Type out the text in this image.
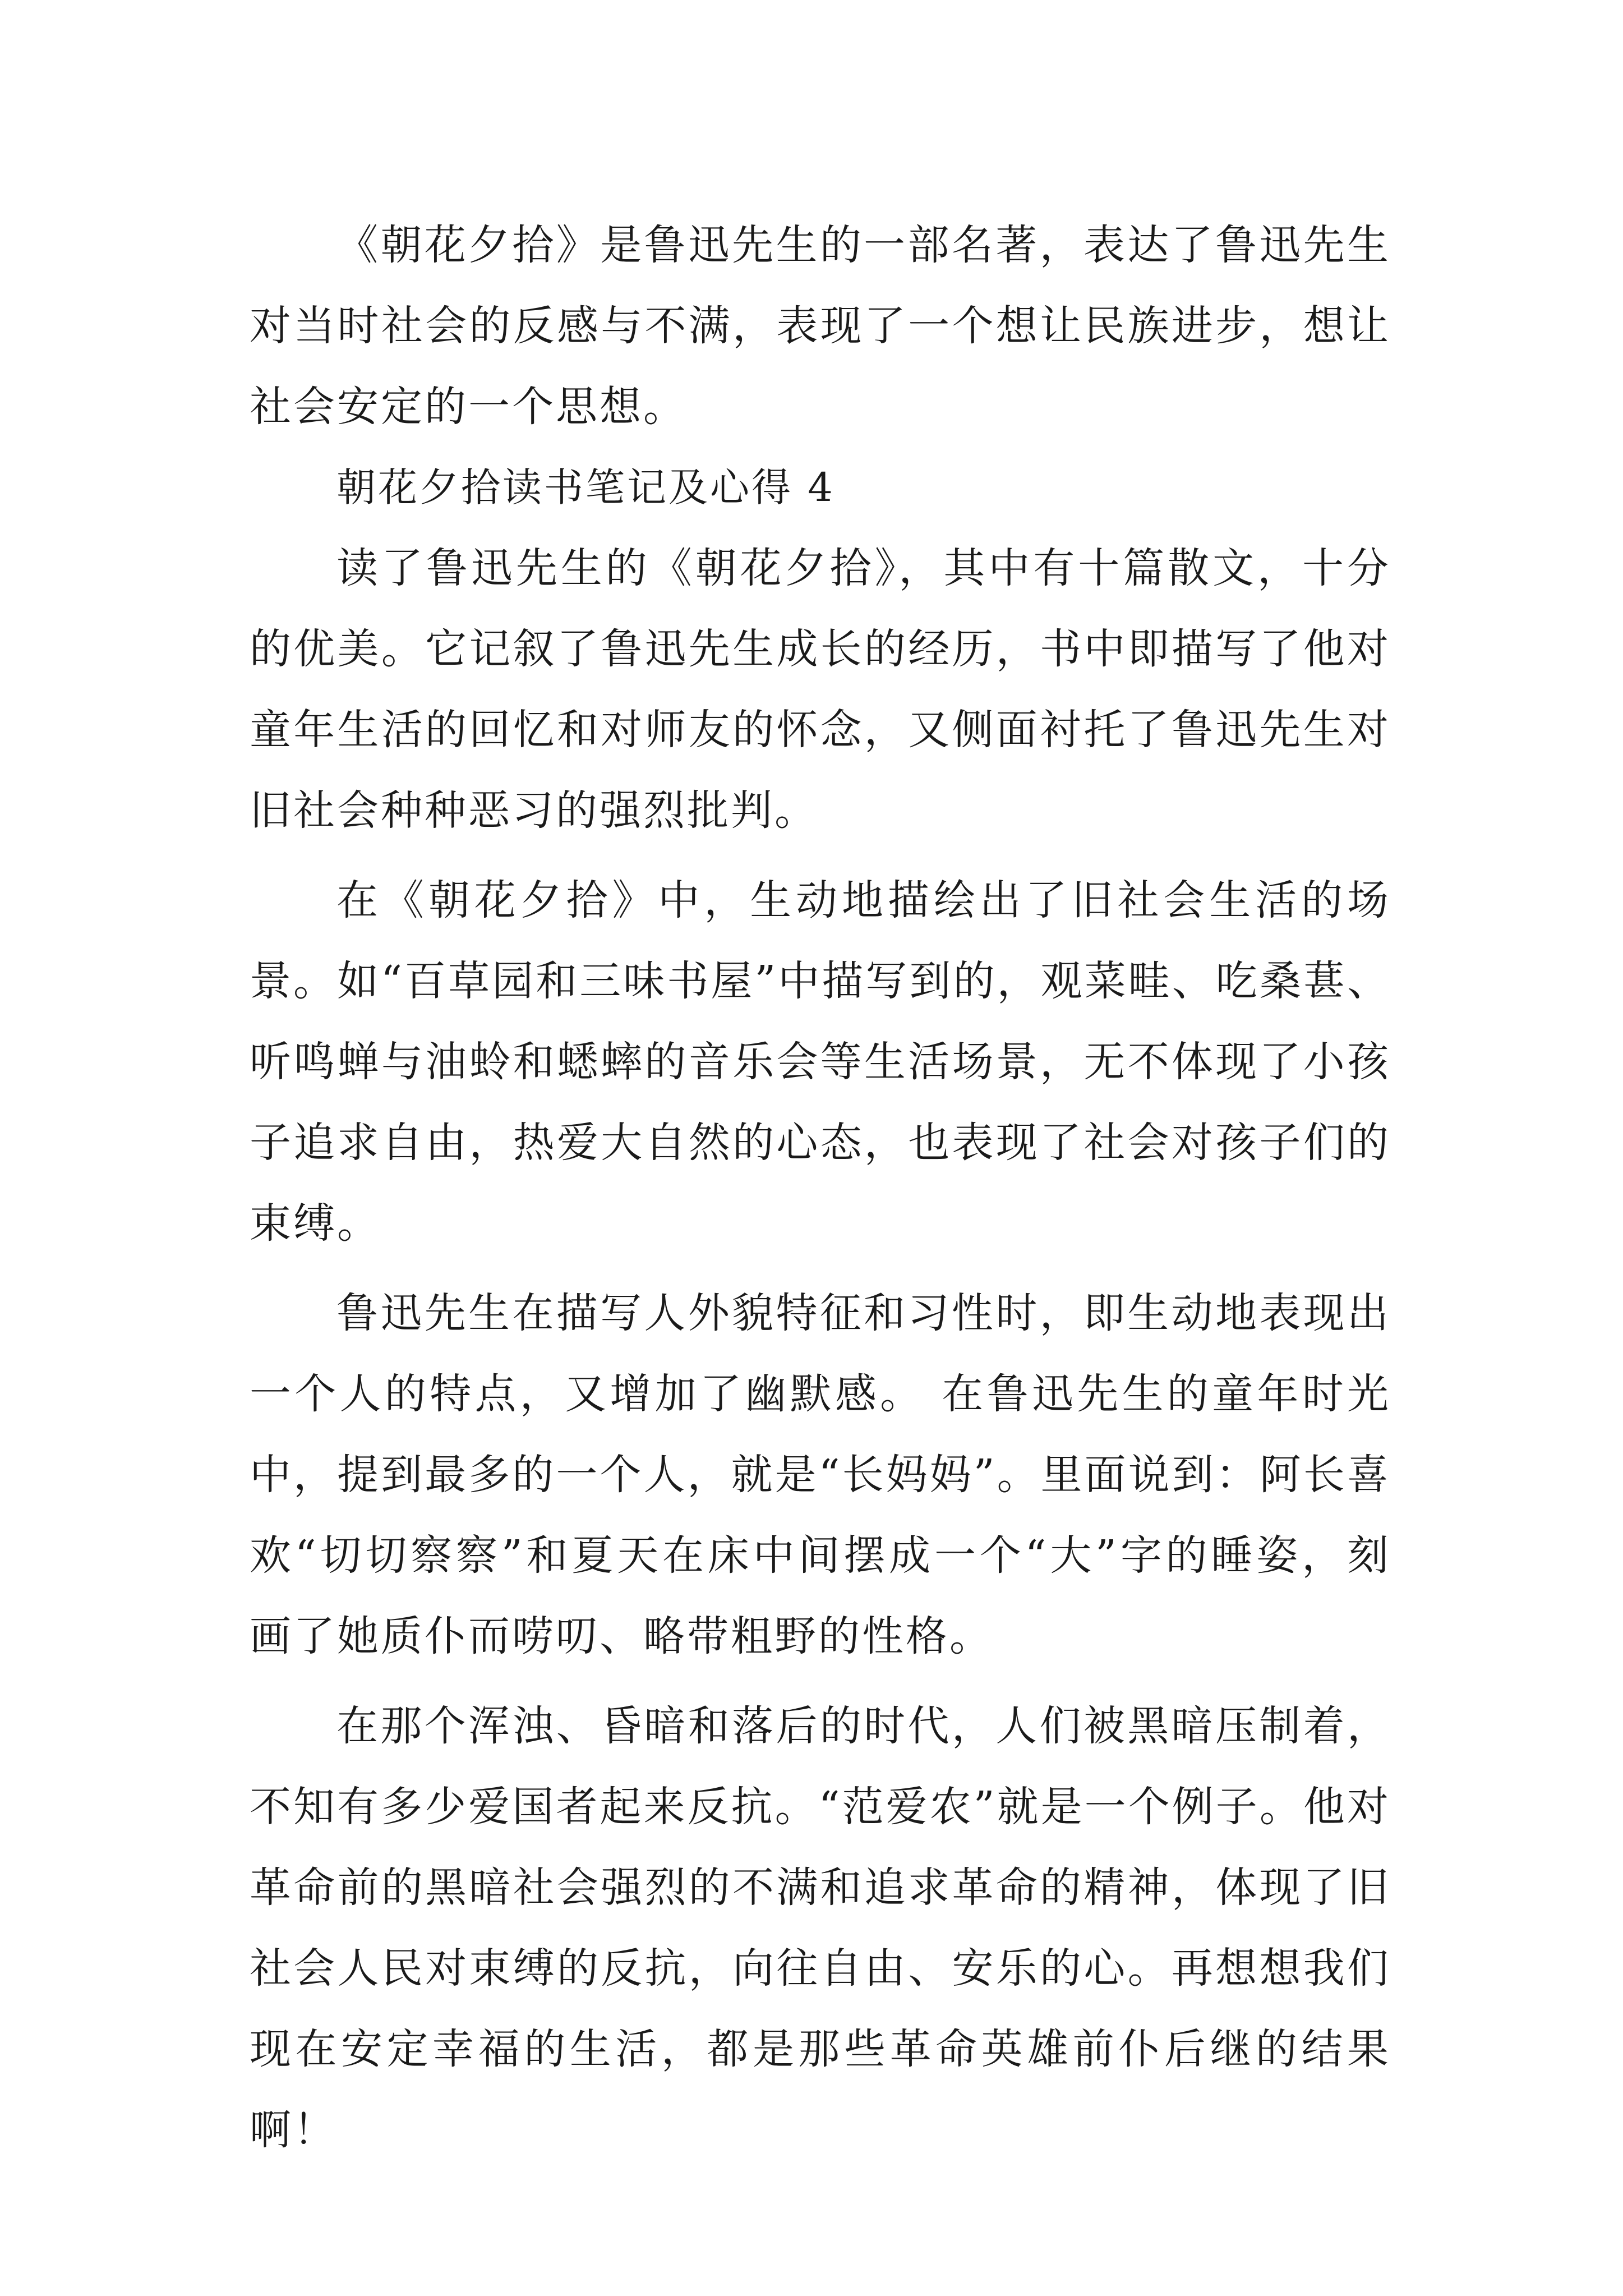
《朝花夕拾》是鲁迅先生的一部名著，表达了鲁迅先生对当时社会的反感与不满，表现了一个想让民族进步，想让社会安定的一个思想。

朝花夕拾读书笔记及心得 4

读了鲁迅先生的《朝花夕拾》，其中有十篇散文，十分的优美。它记叙了鲁迅先生成长的经历，书中即描写了他对童年生活的回忆和对师友的怀念，又侧面衬托了鲁迅先生对旧社会种种恶习的强烈批判。

在《朝花夕拾》中，生动地描绘出了旧社会生活的场景。如“百草园和三味书屋”中描写到的，观菜畦、吃桑葚、听鸣蝉与油蛉和蟋蟀的音乐会等生活场景，无不体现了小孩子追求自由，热爱大自然的心态，也表现了社会对孩子们的束缚。

鲁迅先生在描写人外貌特征和习性时，即生动地表现出一个人的特点，又增加了幽默感。 在鲁迅先生的童年时光中，提到最多的一个人，就是“长妈妈”。里面说到：阿长喜欢“切切察察”和夏天在床中间摆成一个“大”字的睡姿，刻画了她质仆而唠叨、略带粗野的性格。

在那个浑浊、昏暗和落后的时代，人们被黑暗压制着，不知有多少爱国者起来反抗。“范爱农”就是一个例子。他对革命前的黑暗社会强烈的不满和追求革命的精神，体现了旧社会人民对束缚的反抗，向往自由、安乐的心。再想想我们现在安定幸福的生活，都是那些革命英雄前仆后继的结果啊！
